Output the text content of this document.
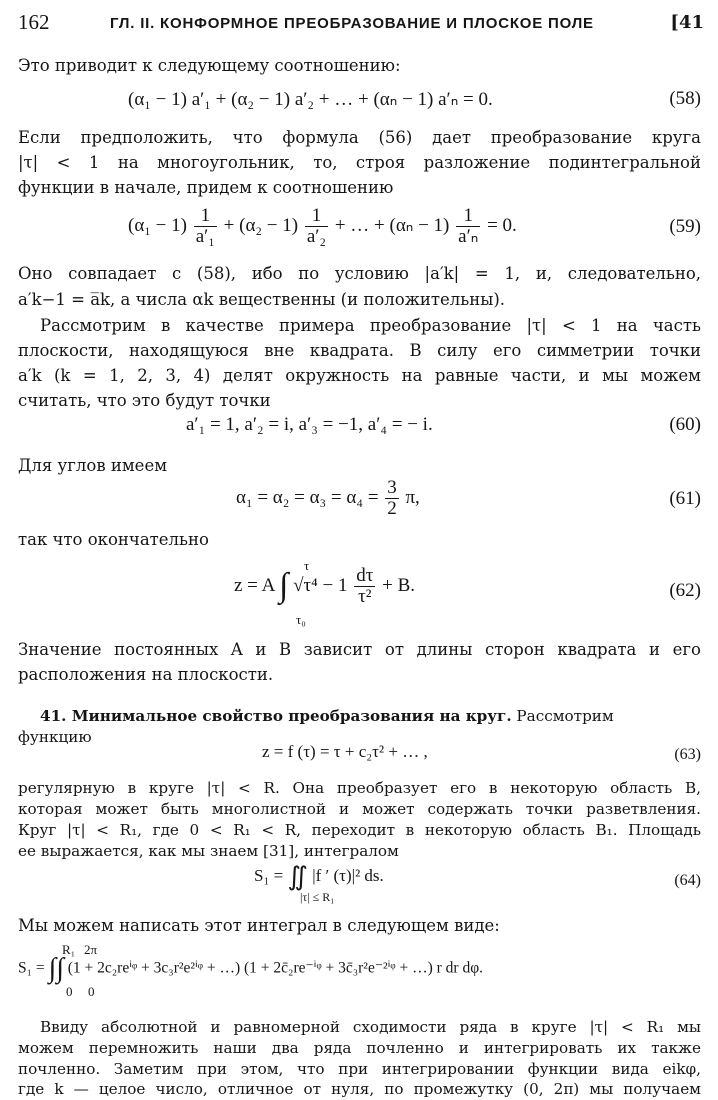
162	ГЛ. II. КОНФОРМНОЕ ПРЕОБРАЗОВАНИЕ И ПЛОСКОЕ ПОЛЕ	[41
Это приводит к следующему соотношению:
(α₁ − 1) a′₁ + (α₂ − 1) a′₂ + … + (αₙ − 1) a′ₙ = 0.	(58)
Если предположить, что формула (56) дает преобразование круга
|τ| < 1 на многоугольник, то, строя разложение подинтегральной
функции в начале, придем к соотношению
$(\alpha_1 - 1) \frac{1}{\text{a′₁}} + (\alpha_2 - 1) \frac{1}{\text{a′₂}}$ + … + $(\alpha_n - 1) \frac{1}{\text{a′ₙ}} = 0$.	(59)
Оно совпадает с (58), ибо по условию |a′k| = 1, и, следовательно,
a′k−1 = a̅k, а числа αk вещественны (и положительны).
Рассмотрим в качестве примера преобразование |τ| < 1 на часть
плоскости, находящуюся вне квадрата. В силу его симметрии точки
a′k (k = 1, 2, 3, 4) делят окружность на равные части, и мы можем
считать, что это будут точки
a′₁ = 1, a′₂ = i, a′₃ = −1, a′₄ = − i.	(60)
Для углов имеем
$\alpha_1 = \alpha_2 = \alpha_3 = \alpha_4 = \frac{3}{2} \pi$,	(61)
так что окончательно
z = A ∫ $√\tau^4 - 1 \frac{d\tau}{\text{τ²}} + B$.
τ
τ₀
(62)
Значение постоянных A и B зависит от длины сторон квадрата и его
расположения на плоскости.
41. Минимальное свойство преобразования на круг. Рассмотрим
функцию
z = f (τ) = τ + c₂τ² + … ,	(63)
регулярную в круге |τ| < R. Она преобразует его в некоторую область B,
которая может быть многолистной и может содержать точки разветвления.
Круг |τ| < R₁, где 0 < R₁ < R, переходит в некоторую область B₁. Площадь
ее выражается, как мы знаем [31], интегралом
S₁ = ∬ |f ′ (τ)|² ds.
|τ| ≤ R₁
(64)
Мы можем написать этот интеграл в следующем виде:
S₁ = ∫∫ (1 + 2c₂reⁱᵠ + 3c₃r²e²ⁱᵠ + …) (1 + 2c̄₂re⁻ⁱᵠ + 3c̄₃r²e⁻²ⁱᵠ + …) r dr dφ.
R₁
0
2π
0
Ввиду абсолютной и равномерной сходимости ряда в круге |τ| < R₁ мы
можем перемножить наши два ряда почленно и интегрировать их также
почленно. Заметим при этом, что при интегрировании функции вида eikφ,
где k — целое число, отличное от нуля, по промежутку (0, 2π) мы получаем
